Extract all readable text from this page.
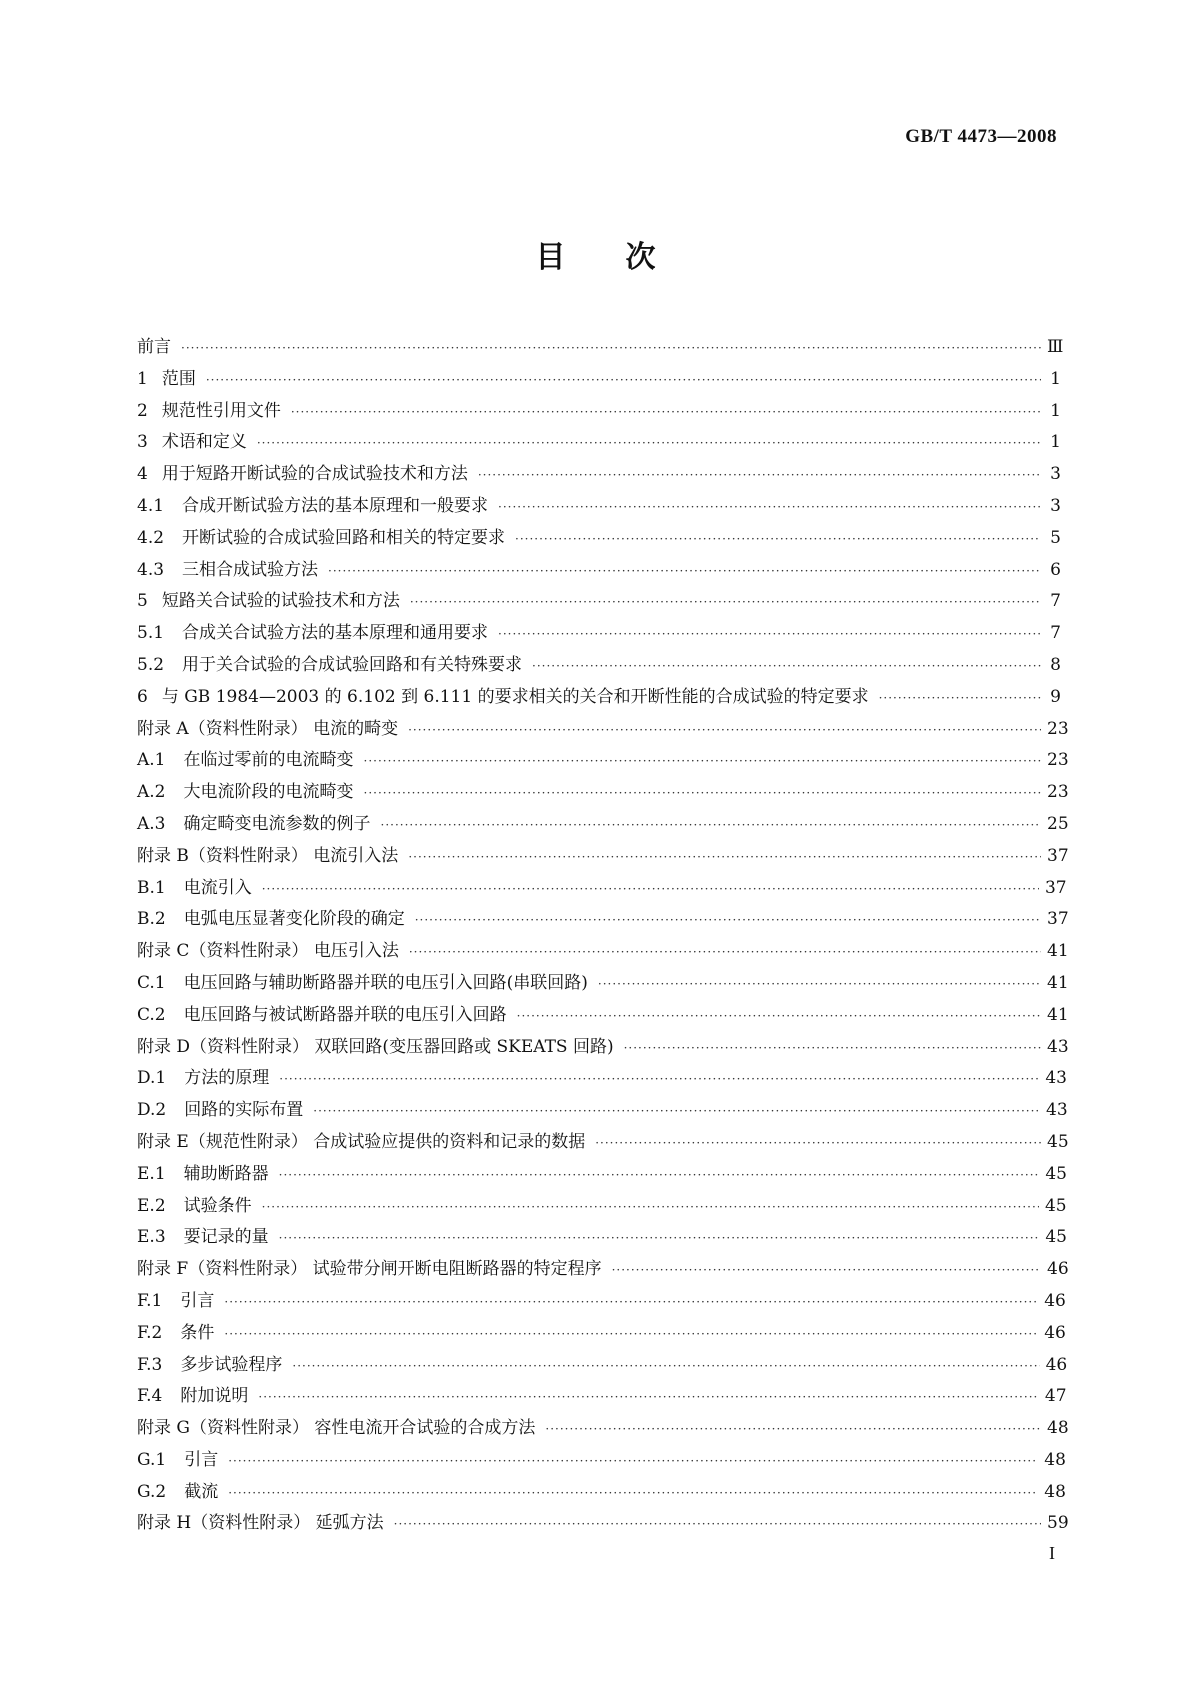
GB/T 4473—2008
目次
前言 ·····	Ⅲ
1 范围 ·····	1
2 规范性引用文件 ·····	1
3 术语和定义 ·····	1
4 用于短路开断试验的合成试验技术和方法 ·····	3
4.1 合成开断试验方法的基本原理和一般要求 ·····	3
4.2 开断试验的合成试验回路和相关的特定要求 ·····	5
4.3 三相合成试验方法 ·····	6
5 短路关合试验的试验技术和方法 ·····	7
5.1 合成关合试验方法的基本原理和通用要求 ·····	7
5.2 用于关合试验的合成试验回路和有关特殊要求 ·····	8
6 与 GB 1984—2003 的 6.102 到 6.111 的要求相关的关合和开断性能的合成试验的特定要求 ·····	9
附录 A（资料性附录） 电流的畸变 ·····	23
A.1 在临过零前的电流畸变 ·····	23
A.2 大电流阶段的电流畸变 ·····	23
A.3 确定畸变电流参数的例子 ·····	25
附录 B（资料性附录） 电流引入法 ·····	37
B.1 电流引入 ·····	37
B.2 电弧电压显著变化阶段的确定 ·····	37
附录 C（资料性附录） 电压引入法 ·····	41
C.1 电压回路与辅助断路器并联的电压引入回路(串联回路) ·····	41
C.2 电压回路与被试断路器并联的电压引入回路 ·····	41
附录 D（资料性附录） 双联回路(变压器回路或 SKEATS 回路) ·····	43
D.1 方法的原理 ·····	43
D.2 回路的实际布置 ·····	43
附录 E（规范性附录） 合成试验应提供的资料和记录的数据 ·····	45
E.1 辅助断路器 ·····	45
E.2 试验条件 ·····	45
E.3 要记录的量 ·····	45
附录 F（资料性附录） 试验带分闸开断电阻断路器的特定程序 ·····	46
F.1 引言 ·····	46
F.2 条件 ·····	46
F.3 多步试验程序 ·····	46
F.4 附加说明 ·····	47
附录 G（资料性附录） 容性电流开合试验的合成方法 ·····	48
G.1 引言 ·····	48
G.2 截流 ·····	48
附录 H（资料性附录） 延弧方法 ·····	59
I
